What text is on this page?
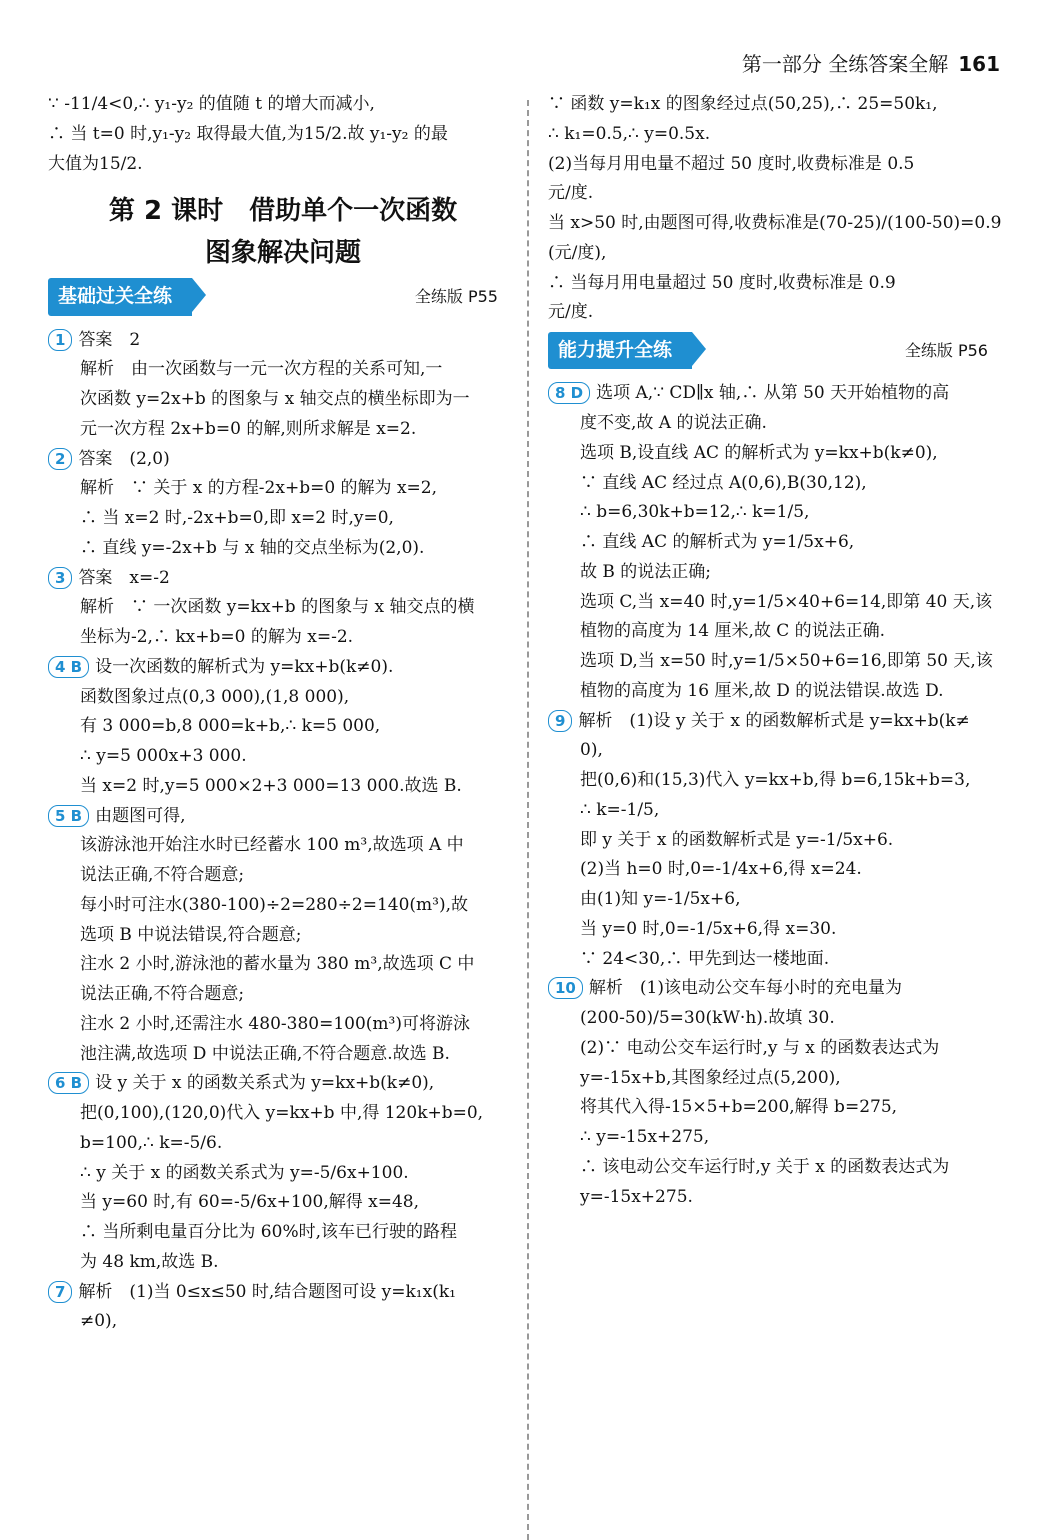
第一部分 全练答案全解 161
∵ -11/4<0,∴ y₁-y₂ 的值随 t 的增大而减小,
∴ 当 t=0 时,y₁-y₂ 取得最大值,为15/2.故 y₁-y₂ 的最
大值为15/2.
第 2 课时　借助单个一次函数
图象解决问题
基础过关全练	全练版 P55
1 答案　2
解析　由一次函数与一元一次方程的关系可知,一
次函数 y=2x+b 的图象与 x 轴交点的横坐标即为一
元一次方程 2x+b=0 的解,则所求解是 x=2.
2 答案　(2,0)
解析　∵ 关于 x 的方程-2x+b=0 的解为 x=2,
∴ 当 x=2 时,-2x+b=0,即 x=2 时,y=0,
∴ 直线 y=-2x+b 与 x 轴的交点坐标为(2,0).
3 答案　x=-2
解析　∵ 一次函数 y=kx+b 的图象与 x 轴交点的横
坐标为-2,∴ kx+b=0 的解为 x=-2.
4 B 设一次函数的解析式为 y=kx+b(k≠0).
函数图象过点(0,3 000),(1,8 000),
有 3 000=b,8 000=k+b,∴ k=5 000,
∴ y=5 000x+3 000.
当 x=2 时,y=5 000×2+3 000=13 000.故选 B.
5 B 由题图可得,
该游泳池开始注水时已经蓄水 100 m³,故选项 A 中
说法正确,不符合题意;
每小时可注水(380-100)÷2=280÷2=140(m³),故
选项 B 中说法错误,符合题意;
注水 2 小时,游泳池的蓄水量为 380 m³,故选项 C 中
说法正确,不符合题意;
注水 2 小时,还需注水 480-380=100(m³)可将游泳
池注满,故选项 D 中说法正确,不符合题意.故选 B.
6 B 设 y 关于 x 的函数关系式为 y=kx+b(k≠0),
把(0,100),(120,0)代入 y=kx+b 中,得 120k+b=0,
b=100,∴ k=-5/6.
∴ y 关于 x 的函数关系式为 y=-5/6x+100.
当 y=60 时,有 60=-5/6x+100,解得 x=48,
∴ 当所剩电量百分比为 60%时,该车已行驶的路程
为 48 km,故选 B.
7 解析　(1)当 0≤x≤50 时,结合题图可设 y=k₁x(k₁
≠0),
∵ 函数 y=k₁x 的图象经过点(50,25),∴ 25=50k₁,
∴ k₁=0.5,∴ y=0.5x.
(2)当每月用电量不超过 50 度时,收费标准是 0.5
元/度.
当 x>50 时,由题图可得,收费标准是(70-25)/(100-50)=0.9
(元/度),
∴ 当每月用电量超过 50 度时,收费标准是 0.9
元/度.
能力提升全练	全练版 P56
8 D 选项 A,∵ CD∥x 轴,∴ 从第 50 天开始植物的高
度不变,故 A 的说法正确.
选项 B,设直线 AC 的解析式为 y=kx+b(k≠0),
∵ 直线 AC 经过点 A(0,6),B(30,12),
∴ b=6,30k+b=12,∴ k=1/5,
∴ 直线 AC 的解析式为 y=1/5x+6,
故 B 的说法正确;
选项 C,当 x=40 时,y=1/5×40+6=14,即第 40 天,该
植物的高度为 14 厘米,故 C 的说法正确.
选项 D,当 x=50 时,y=1/5×50+6=16,即第 50 天,该
植物的高度为 16 厘米,故 D 的说法错误.故选 D.
9 解析　(1)设 y 关于 x 的函数解析式是 y=kx+b(k≠
0),
把(0,6)和(15,3)代入 y=kx+b,得 b=6,15k+b=3,
∴ k=-1/5,
即 y 关于 x 的函数解析式是 y=-1/5x+6.
(2)当 h=0 时,0=-1/4x+6,得 x=24.
由(1)知 y=-1/5x+6,
当 y=0 时,0=-1/5x+6,得 x=30.
∵ 24<30,∴ 甲先到达一楼地面.
10 解析　(1)该电动公交车每小时的充电量为
(200-50)/5=30(kW·h).故填 30.
(2)∵ 电动公交车运行时,y 与 x 的函数表达式为
y=-15x+b,其图象经过点(5,200),
将其代入得-15×5+b=200,解得 b=275,
∴ y=-15x+275,
∴ 该电动公交车运行时,y 关于 x 的函数表达式为
y=-15x+275.
